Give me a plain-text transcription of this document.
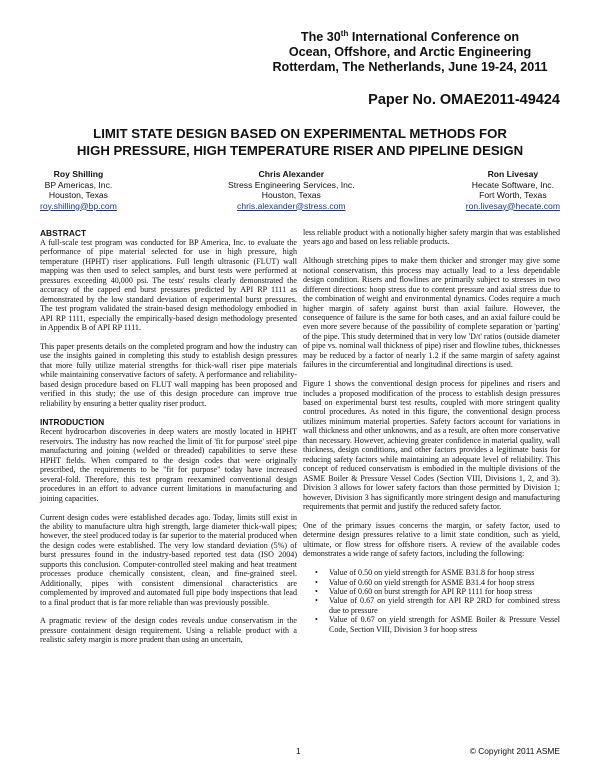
The 30th International Conference on
Ocean, Offshore, and Arctic Engineering
Rotterdam, The Netherlands, June 19-24, 2011
Paper No. OMAE2011-49424
LIMIT STATE DESIGN BASED ON EXPERIMENTAL METHODS FOR
HIGH PRESSURE, HIGH TEMPERATURE RISER AND PIPELINE DESIGN
Roy Shilling
BP Americas, Inc.
Houston, Texas
roy.shilling@bp.com
Chris Alexander
Stress Engineering Services, Inc.
Houston, Texas
chris.alexander@stress.com
Ron Livesay
Hecate Software, Inc.
Fort Worth, Texas
ron.livesay@hecate.com
ABSTRACT

A full-scale test program was conducted for BP America, Inc. to evaluate the performance of pipe material selected for use in high pressure, high temperature (HPHT) riser applications. Full length ultrasonic (FLUT) wall mapping was then used to select samples, and burst tests were performed at pressures exceeding 40,000 psi. The tests' results clearly demonstrated the accuracy of the capped end burst pressures predicted by API RP 1111 as demonstrated by the low standard deviation of experimental burst pressures. The test program validated the strain-based design methodology embodied in API RP 1111, especially the empirically-based design methodology presented in Appendix B of API RP 1111.

This paper presents details on the completed program and how the industry can use the insights gained in completing this study to establish design pressures that more fully utilize material strengths for thick-wall riser pipe materials while maintaining conservative factors of safety. A performance and reliability-based design procedure based on FLUT wall mapping has been proposed and verified in this study; the use of this design procedure can improve true reliability by ensuring a better quality riser product.

INTRODUCTION

Recent hydrocarbon discoveries in deep waters are mostly located in HPHT reservoirs. The industry has now reached the limit of 'fit for purpose' steel pipe manufacturing and joining (welded or threaded) capabilities to serve these HPHT fields. When compared to the design codes that were originally prescribed, the requirements to be "fit for purpose" today have increased several-fold. Therefore, this test program reexamined conventional design procedures in an effort to advance current limitations in manufacturing and joining capacities.

Current design codes were established decades ago. Today, limits still exist in the ability to manufacture ultra high strength, large diameter thick-wall pipes; however, the steel produced today is far superior to the material produced when the design codes were established. The very low standard deviation (5%) of burst pressures found in the industry-based reported test data (ISO 2004) supports this conclusion. Computer-controlled steel making and heat treatment processes produce chemically consistent, clean, and fine-grained steel. Additionally, pipes with consistent dimensional characteristics are complemented by improved and automated full pipe body inspections that lead to a final product that is far more reliable than was previously possible.

A pragmatic review of the design codes reveals undue conservatism in the pressure containment design requirement. Using a reliable product with a realistic safety margin is more prudent than using an uncertain,

less reliable product with a notionally higher safety margin that was established years ago and based on less reliable products.

Although stretching pipes to make them thicker and stronger may give some notional conservatism, this process may actually lead to a less dependable design condition. Risers and flowlines are primarily subject to stresses in two different directions: hoop stress due to content pressure and axial stress due to the combination of weight and environmental dynamics. Codes require a much higher margin of safety against burst than axial failure. However, the consequence of failure is the same for both cases, and an axial failure could be even more severe because of the possibility of complete separation or 'parting' of the pipe. This study determined that in very low 'D/t' ratios (outside diameter of pipe vs. nominal wall thickness of pipe) riser and flowline tubes, thicknesses may be reduced by a factor of nearly 1.2 if the same margin of safety against failures in the circumferential and longitudinal directions is used.

Figure 1 shows the conventional design process for pipelines and risers and includes a proposed modification of the process to establish design pressures based on experimental burst test results, coupled with more stringent quality control procedures. As noted in this figure, the conventional design process utilizes minimum material properties. Safety factors account for variations in wall thickness and other unknowns, and as a result, are often more conservative than necessary. However, achieving greater confidence in material quality, wall thickness, design conditions, and other factors provides a legitimate basis for reducing safety factors while maintaining an adequate level of reliability. This concept of reduced conservatism is embodied in the multiple divisions of the ASME Boiler & Pressure Vessel Codes (Section VIII, Divisions 1, 2, and 3). Division 3 allows for lower safety factors than those permitted by Division 1; however, Division 3 has significantly more stringent design and manufacturing requirements that permit and justify the reduced safety factor.

One of the primary issues concerns the margin, or safety factor, used to determine design pressures relative to a limit state condition, such as yield, ultimate, or flow stress for offshore risers. A review of the available codes demonstrates a wide range of safety factors, including the following:

• Value of 0.50 on yield strength for ASME B31.8 for hoop stress
• Value of 0.60 on yield strength for ASME B31.4 for hoop stress
• Value of 0.60 on burst strength for API RP 1111 for hoop stress
• Value of 0.67 on yield strength for API RP 2RD for combined stress due to pressure
• Value of 0.67 on yield strength for ASME Boiler & Pressure Vessel Code, Section VIII, Division 3 for hoop stress
1	© Copyright 2011 ASME
